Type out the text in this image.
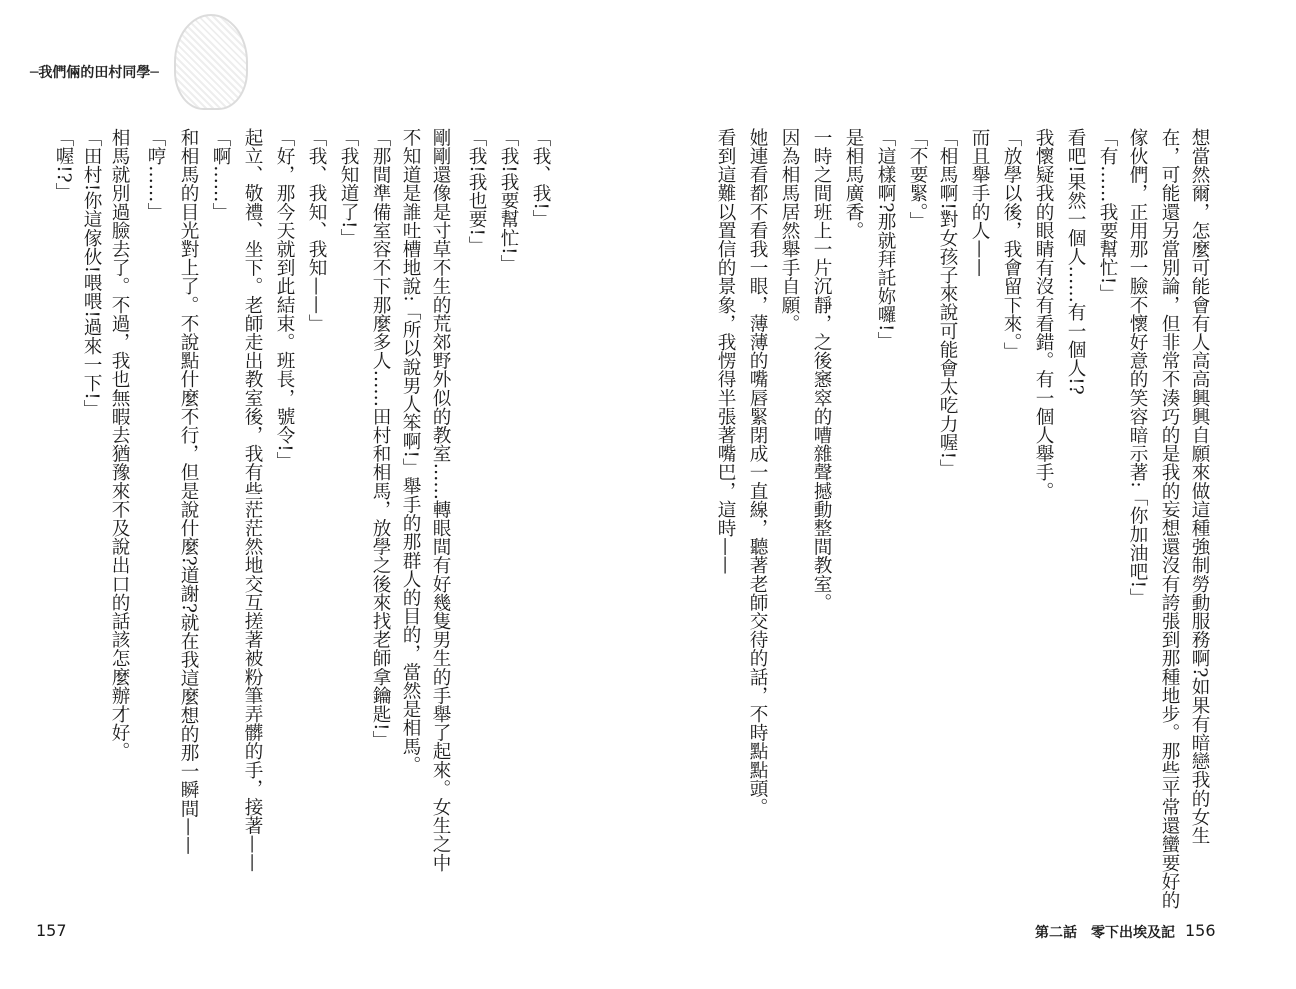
─我們倆的田村同學─
「喔!?」 「田村!你這傢伙!喂喂!過來一下!」 相馬就別過臉去了。不過，我也無暇去猶豫來不及說出口的話該怎麼辦才好。 「哼……」 和相馬的目光對上了。不說點什麼不行，但是說什麼?道謝?就在我這麼想的那一瞬間—— 「啊……」 起立、敬禮、坐下。老師走出教室後，我有些茫茫然地交互搓著被粉筆弄髒的手，接著—— 「好，那今天就到此結束。班長，號令!」 「我、我知、我知——」 「我知道了!」 「那間準備室容不下那麼多人……田村和相馬，放學之後來找老師拿鑰匙!」 不知道是誰吐槽地說:「所以說男人笨啊!」舉手的那群人的目的，當然是相馬。 剛剛還像是寸草不生的荒郊野外似的教室……轉眼間有好幾隻男生的手舉了起來。女生之中 「我!我也要!」 「我!我要幫忙!」 「我、我!」	看到這難以置信的景象，我愣得半張著嘴巴，這時—— 她連看都不看我一眼，薄薄的嘴唇緊閉成一直線，聽著老師交待的話，不時點點頭。 因為相馬居然舉手自願。 一時之間班上一片沉靜，之後窸窣的嘈雜聲撼動整間教室。 是相馬廣香。 「這樣啊?那就拜託妳囉!」 「不要緊。」 「相馬啊!對女孩子來說可能會太吃力喔!」 而且舉手的人—— 「放學以後，我會留下來。」 我懷疑我的眼睛有沒有看錯。有一個人舉手。 看吧!果然一個人……有一個人!? 「有……我要幫忙!」 傢伙們，正用那一臉不懷好意的笑容暗示著:「你加油吧!」 在，可能還另當別論，但非常不湊巧的是我的妄想還沒有誇張到那種地步。那些平常還蠻要好的 想當然爾，怎麼可能會有人高高興興自願來做這種強制勞動服務啊?如果有暗戀我的女生
157	第二話　零下出埃及記 156
